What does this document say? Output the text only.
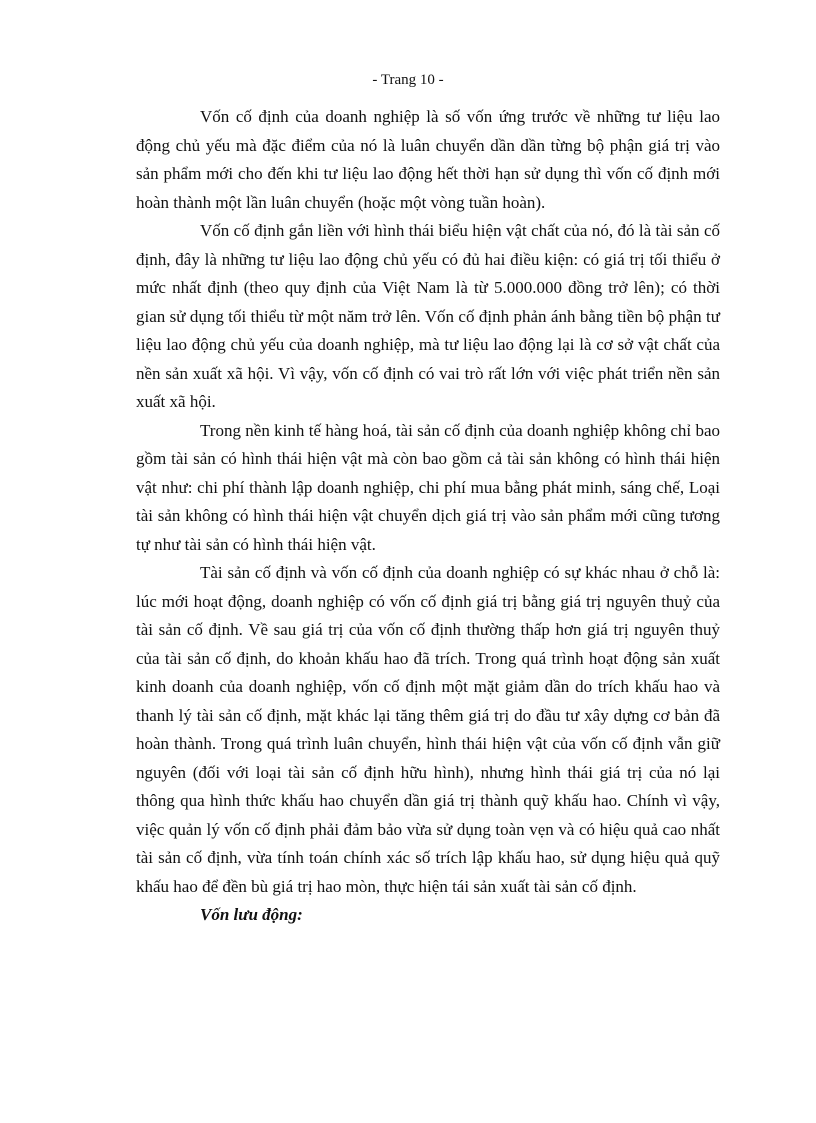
- Trang 10 -

Vốn cố định của doanh nghiệp là số vốn ứng trước về những tư liệu lao động chủ yếu mà đặc điểm của nó là luân chuyển dần dần từng bộ phận giá trị vào sản phẩm mới cho đến khi tư liệu lao động hết thời hạn sử dụng thì vốn cố định mới hoàn thành một lần luân chuyển (hoặc một vòng tuần hoàn).

Vốn cố định gắn liền với hình thái biểu hiện vật chất của nó, đó là tài sản cố định, đây là những tư liệu lao động chủ yếu có đủ hai điều kiện: có giá trị tối thiểu ở mức nhất định (theo quy định của Việt Nam là từ 5.000.000 đồng trở lên); có thời gian sử dụng tối thiểu từ một năm trở lên. Vốn cố định phản ánh bằng tiền bộ phận tư liệu lao động chủ yếu của doanh nghiệp, mà tư liệu lao động lại là cơ sở vật chất của nền sản xuất xã hội. Vì vậy, vốn cố định có vai trò rất lớn với việc phát triển nền sản xuất xã hội.

Trong nền kinh tế hàng hoá, tài sản cố định của doanh nghiệp không chỉ bao gồm tài sản có hình thái hiện vật mà còn bao gồm cả tài sản không có hình thái hiện vật như: chi phí thành lập doanh nghiệp, chi phí mua bằng phát minh, sáng chế, Loại tài sản không có hình thái hiện vật chuyển dịch giá trị vào sản phẩm mới cũng tương tự như tài sản có hình thái hiện vật.

Tài sản cố định và vốn cố định của doanh nghiệp có sự khác nhau ở chỗ là: lúc mới hoạt động, doanh nghiệp có vốn cố định giá trị bằng giá trị nguyên thuỷ của tài sản cố định. Về sau giá trị của vốn cố định thường thấp hơn giá trị nguyên thuỷ của tài sản cố định, do khoản khấu hao đã trích. Trong quá trình hoạt động sản xuất kinh doanh của doanh nghiệp, vốn cố định một mặt giảm dần do trích khấu hao và thanh lý tài sản cố định, mặt khác lại tăng thêm giá trị do đầu tư xây dựng cơ bản đã hoàn thành. Trong quá trình luân chuyển, hình thái hiện vật của vốn cố định vẫn giữ nguyên (đối với loại tài sản cố định hữu hình), nhưng hình thái giá trị của nó lại thông qua hình thức khấu hao chuyển dần giá trị thành quỹ khấu hao. Chính vì vậy, việc quản lý vốn cố định phải đảm bảo vừa sử dụng toàn vẹn và có hiệu quả cao nhất tài sản cố định, vừa tính toán chính xác số trích lập khấu hao, sử dụng hiệu quả quỹ khấu hao để đền bù giá trị hao mòn, thực hiện tái sản xuất tài sản cố định.

Vốn lưu động:
